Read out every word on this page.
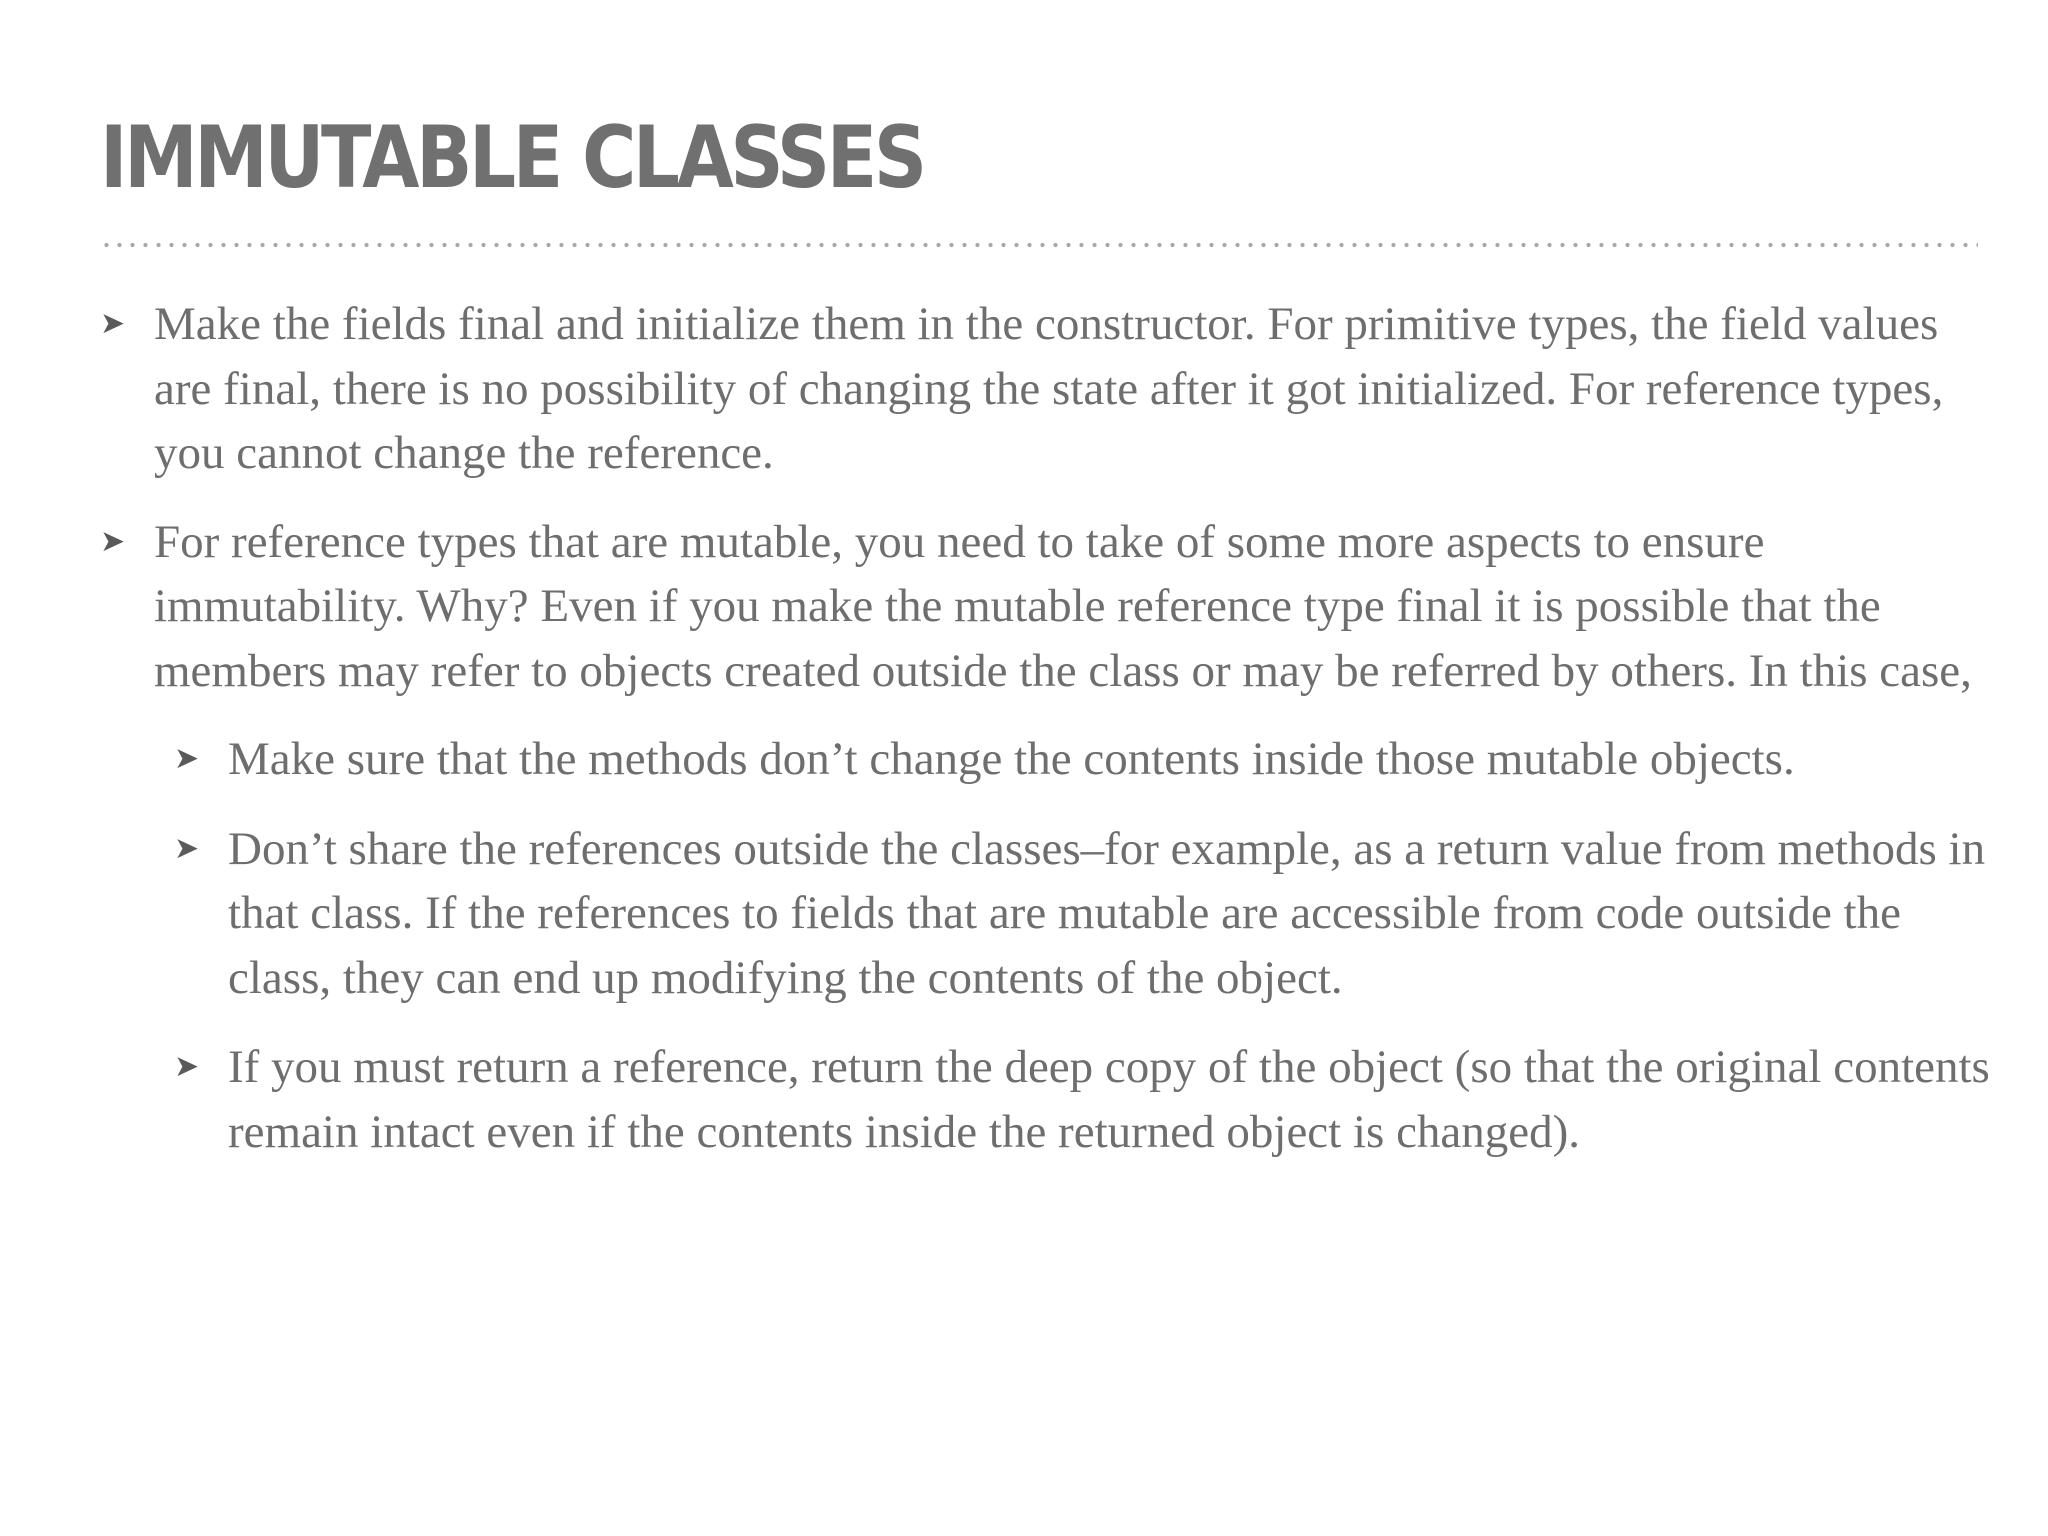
IMMUTABLE CLASSES
➤ Make the fields final and initialize them in the constructor. For primitive types, the field values are final, there is no possibility of changing the state after it got initialized. For reference types, you cannot change the reference.
➤ For reference types that are mutable, you need to take of some more aspects to ensure immutability. Why? Even if you make the mutable reference type final it is possible that the members may refer to objects created outside the class or may be referred by others. In this case,
➤ Make sure that the methods don’t change the contents inside those mutable objects.
➤ Don’t share the references outside the classes–for example, as a return value from methods in that class. If the references to fields that are mutable are accessible from code outside the class, they can end up modifying the contents of the object.
➤ If you must return a reference, return the deep copy of the object (so that the original contents remain intact even if the contents inside the returned object is changed).
